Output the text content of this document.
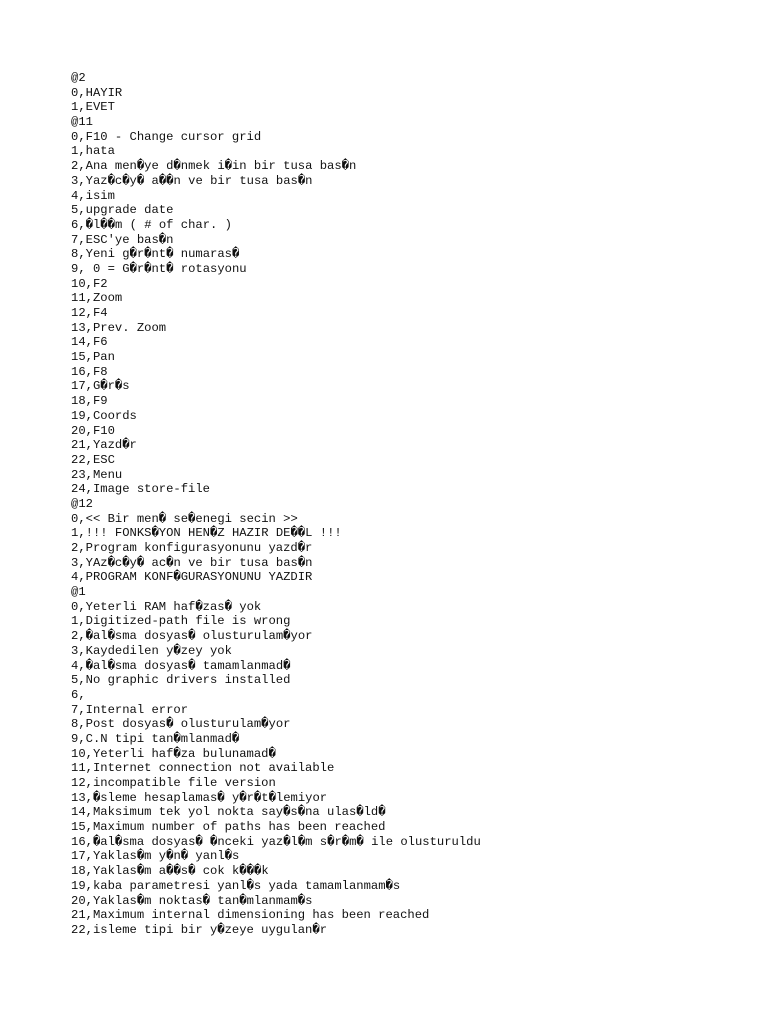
@2
0,HAYIR
1,EVET
@11
0,F10 - Change cursor grid
1,hata
2,Ana men�ye d�nmek i�in bir tusa bas�n
3,Yaz�c�y� a��n ve bir tusa bas�n
4,isim
5,upgrade date
6,�l��m ( # of char. )
7,ESC'ye bas�n
8,Yeni g�r�nt� numaras�
9, 0 = G�r�nt� rotasyonu
10,F2
11,Zoom
12,F4
13,Prev. Zoom
14,F6
15,Pan
16,F8
17,G�r�s
18,F9
19,Coords
20,F10
21,Yazd�r
22,ESC
23,Menu
24,Image store-file
@12
0,<< Bir men� se�enegi secin >>
1,!!! FONKS�YON HEN�Z HAZIR DE��L !!!
2,Program konfigurasyonunu yazd�r
3,YAz�c�y� ac�n ve bir tusa bas�n
4,PROGRAM KONF�GURASYONUNU YAZDIR
@1
0,Yeterli RAM haf�zas� yok
1,Digitized-path file is wrong
2,�al�sma dosyas� olusturulam�yor
3,Kaydedilen y�zey yok
4,�al�sma dosyas� tamamlanmad�
5,No graphic drivers installed
6,
7,Internal error
8,Post dosyas� olusturulam�yor
9,C.N tipi tan�mlanmad�
10,Yeterli haf�za bulunamad�
11,Internet connection not available
12,incompatible file version
13,�sleme hesaplamas� y�r�t�lemiyor
14,Maksimum tek yol nokta say�s�na ulas�ld�
15,Maximum number of paths has been reached
16,�al�sma dosyas� �nceki yaz�l�m s�r�m� ile olusturuldu
17,Yaklas�m y�n� yanl�s
18,Yaklas�m a��s� cok k���k
19,kaba parametresi yanl�s yada tamamlanmam�s
20,Yaklas�m noktas� tan�mlanmam�s
21,Maximum internal dimensioning has been reached
22,isleme tipi bir y�zeye uygulan�r
